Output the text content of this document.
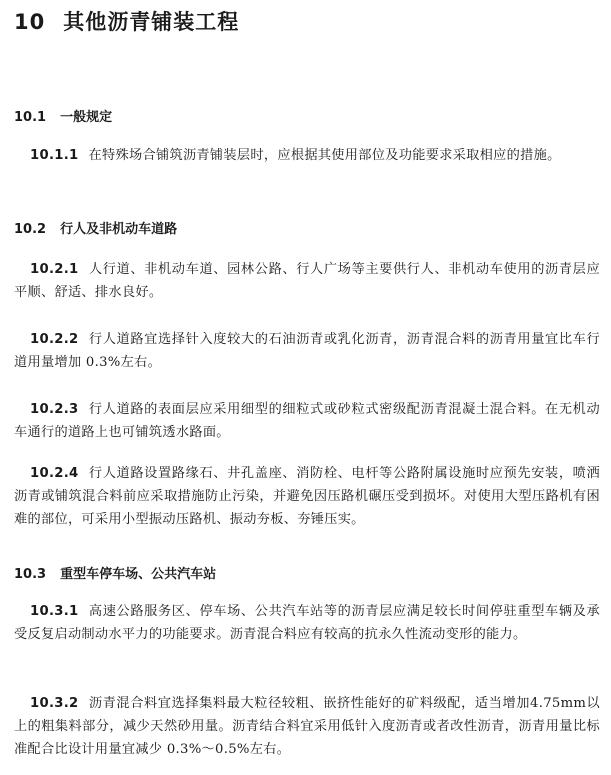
10 其他沥青铺装工程
10.1 一般规定
10.1.1 在特殊场合铺筑沥青铺装层时，应根据其使用部位及功能要求采取相应的措施。
10.2 行人及非机动车道路
10.2.1 人行道、非机动车道、园林公路、行人广场等主要供行人、非机动车使用的沥青层应平顺、舒适、排水良好。
10.2.2 行人道路宜选择针入度较大的石油沥青或乳化沥青，沥青混合料的沥青用量宜比车行道用量增加 0.3%左右。
10.2.3 行人道路的表面层应采用细型的细粒式或砂粒式密级配沥青混凝土混合料。在无机动车通行的道路上也可铺筑透水路面。
10.2.4 行人道路设置路缘石、井孔盖座、消防栓、电杆等公路附属设施时应预先安装，喷洒沥青或铺筑混合料前应采取措施防止污染，并避免因压路机碾压受到损坏。对使用大型压路机有困难的部位，可采用小型振动压路机、振动夯板、夯锤压实。
10.3 重型车停车场、公共汽车站
10.3.1 高速公路服务区、停车场、公共汽车站等的沥青层应满足较长时间停驻重型车辆及承受反复启动制动水平力的功能要求。沥青混合料应有较高的抗永久性流动变形的能力。
10.3.2 沥青混合料宜选择集料最大粒径较粗、嵌挤性能好的矿料级配，适当增加4.75mm以上的粗集料部分，减少天然砂用量。沥青结合料宜采用低针入度沥青或者改性沥青，沥青用量比标准配合比设计用量宜减少 0.3%～0.5%左右。
